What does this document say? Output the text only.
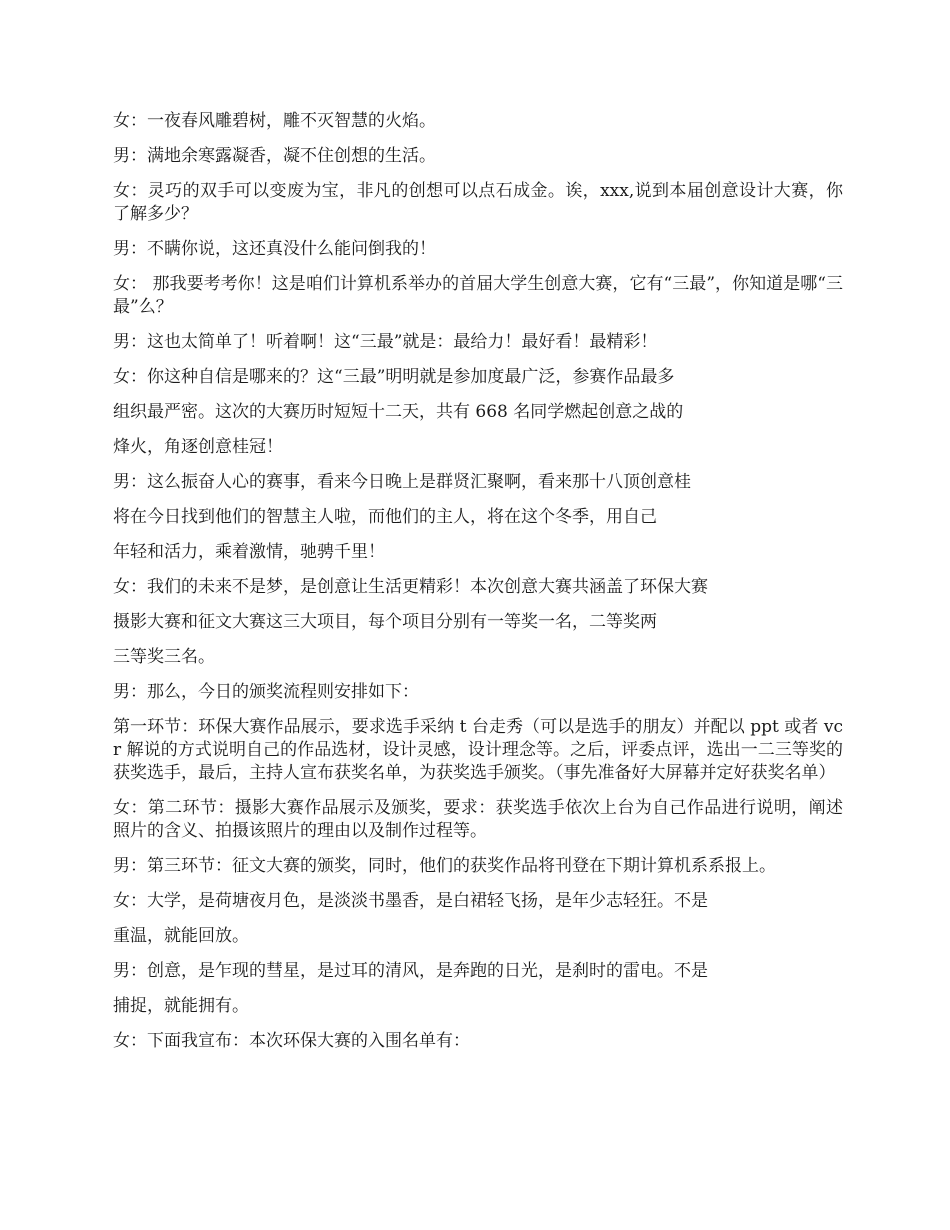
女：一夜春风雕碧树，雕不灭智慧的火焰。

男：满地余寒露凝香，凝不住创想的生活。

女：灵巧的双手可以变废为宝，非凡的创想可以点石成金。诶，xxx,说到本届创意设计大赛，你了解多少？

男：不瞒你说，这还真没什么能问倒我的！

女： 那我要考考你！这是咱们计算机系举办的首届大学生创意大赛，它有“三最”，你知道是哪“三最”么？

男：这也太简单了！听着啊！这“三最”就是：最给力！最好看！最精彩！

女：你这种自信是哪来的？这“三最”明明就是参加度最广泛，参赛作品最多

组织最严密。这次的大赛历时短短十二天，共有 668 名同学燃起创意之战的

烽火，角逐创意桂冠！

男：这么振奋人心的赛事，看来今日晚上是群贤汇聚啊，看来那十八顶创意桂

将在今日找到他们的智慧主人啦，而他们的主人，将在这个冬季，用自己

年轻和活力，乘着激情，驰骋千里！

女：我们的未来不是梦，是创意让生活更精彩！本次创意大赛共涵盖了环保大赛

摄影大赛和征文大赛这三大项目，每个项目分别有一等奖一名，二等奖两

三等奖三名。

男：那么，今日的颁奖流程则安排如下：

第一环节：环保大赛作品展示，要求选手采纳 t 台走秀（可以是选手的朋友）并配以 ppt 或者 vcr 解说的方式说明自己的作品选材，设计灵感，设计理念等。之后，评委点评，选出一二三等奖的获奖选手，最后，主持人宣布获奖名单，为获奖选手颁奖。（事先准备好大屏幕并定好获奖名单）

女：第二环节：摄影大赛作品展示及颁奖，要求：获奖选手依次上台为自己作品进行说明，阐述照片的含义、拍摄该照片的理由以及制作过程等。

男：第三环节：征文大赛的颁奖，同时，他们的获奖作品将刊登在下期计算机系系报上。

女：大学，是荷塘夜月色，是淡淡书墨香，是白裙轻飞扬，是年少志轻狂。不是

重温，就能回放。

男：创意，是乍现的彗星，是过耳的清风，是奔跑的日光，是刹时的雷电。不是

捕捉，就能拥有。

女：下面我宣布：本次环保大赛的入围名单有：
